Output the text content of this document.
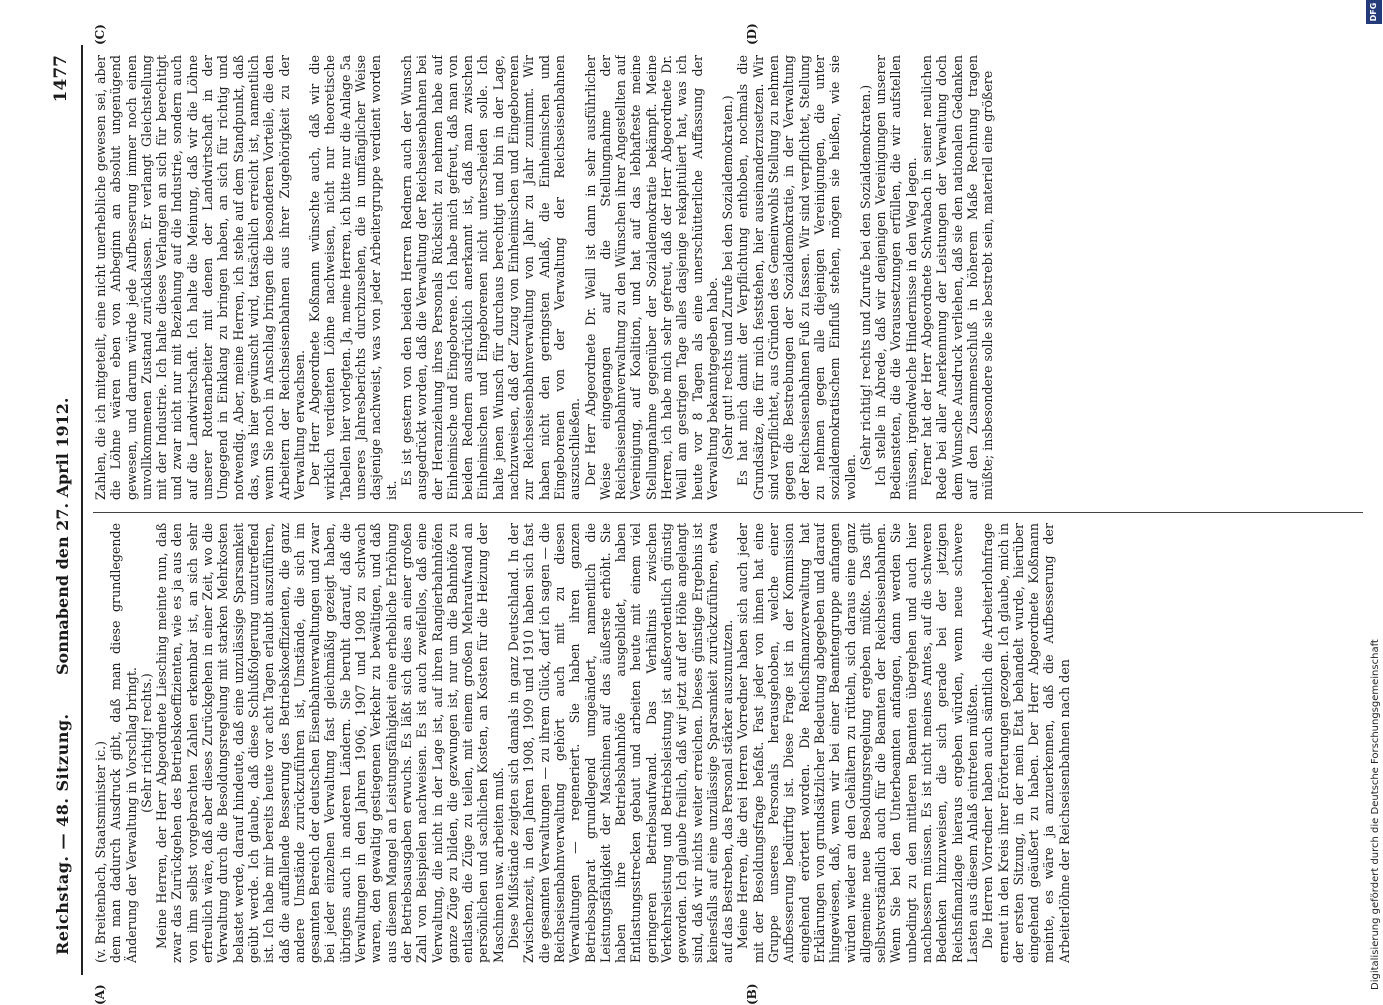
Reichstag. — 48. Sitzung.
Sonnabend den 27. April 1912.
1477

(v. Breitenbach, Staatsminister ic.) dem man dadurch Ausdruck gibt, daß man diese grundlegende Änderung der Verwaltung in Vorschlag bringt. (Sehr richtig! rechts.) Meine Herren, der Herr Abgeordnete Liesching meinte nun, daß zwar das Zurückgehen des Betriebskoeffizienten, wie es ja aus den von ihm selbst vorgebrachten Zahlen erkennbar ist, an sich sehr erfreulich wäre, daß aber dieses Zurückgehen in einer Zeit, wo die Verwaltung durch die Besoldungsregelung mit starken Mehrkosten belastet werde, darauf hindeute, daß eine unzulässige Sparsamkeit geübt werde. Ich glaube, daß diese Schlußfolgerung unzutreffend ist. Ich habe mir bereits heute vor acht Tagen erlaubt auszuführen, daß die auffallende Besserung des Betriebskoeffizienten, die ganz andere Umstände zurückzuführen ist, Umstände, die sich im gesamten Bereich der deutschen Eisenbahnverwaltungen und zwar bei jeder einzelnen Verwaltung fast gleichmäßig gezeigt haben, übrigens auch in anderen Ländern. Sie beruht darauf, daß die Verwaltungen in den Jahren 1906, 1907 und 1908 zu schwach waren, den gewaltig gestiegenen Verkehr zu bewältigen, und daß aus diesem Mangel an Leistungsfähigkeit eine erhebliche Erhöhung der Betriebsausgaben erwuchs. Es läßt sich dies an einer großen Zahl von Beispielen nachweisen. Es ist auch zweifellos, daß eine Verwaltung, die nicht in der Lage ist, auf ihren Rangierbahnhöfen ganze Züge zu bilden, die gezwungen ist, nur um die Bahnhöfe zu entlasten, die Züge zu teilen, mit einem großen Mehraufwand an persönlichen und sachlichen Kosten, an Kosten für die Heizung der Maschinen usw. arbeiten muß. Diese Mißstände zeigten sich damals in ganz Deutschland. In der Zwischenzeit, in den Jahren 1908, 1909 und 1910 haben sich fast die gesamten Verwaltungen — zu ihrem Glück, darf ich sagen — die Reichseisenbahnverwaltung gehört auch mit zu diesen Verwaltungen — regeneriert. Sie haben ihren ganzen Betriebsapparat grundlegend umgeändert, namentlich die Leistungsfähigkeit der Maschinen auf das äußerste erhöht. Sie haben ihre Betriebsbahnhöfe ausgebildet, haben Entlastungsstrecken gebaut und arbeiten heute mit einem viel geringeren Betriebsaufwand. Das Verhältnis zwischen Verkehrsleistung und Betriebsleistung ist außerordentlich günstig geworden. Ich glaube freilich, daß wir jetzt auf der Höhe angelangt sind, daß wir nichts weiter erreichen. Dieses günstige Ergebnis ist keinesfalls auf eine unzulässige Sparsamkeit zurückzuführen, etwa auf das Bestreben, das Personal stärker auszunutzen. Meine Herren, die drei Herren Vorredner haben sich auch jeder mit der Besoldungsfrage befaßt. Fast jeder von ihnen hat eine Gruppe unseres Personals herausgehoben, welche einer Aufbesserung bedürftig ist. Diese Frage ist in der Kommission eingehend erörtert worden. Die Reichsfinanzverwaltung hat Erklärungen von grundsätzlicher Bedeutung abgegeben und darauf hingewiesen, daß, wenn wir bei einer Beamtengruppe anfangen würden wieder an den Gehältern zu rütteln, sich daraus eine ganz allgemeine neue Besoldungsregelung ergeben müßte. Das gilt selbstverständlich auch für die Beamten der Reichseisenbahnen. Wenn Sie bei den Unterbeamten anfangen, dann werden Sie unbedingt zu den mittleren Beamten übergehen und auch hier nachbessern müssen. Es ist nicht meines Amtes, auf die schweren Bedenken hinzuweisen, die sich gerade bei der jetzigen Reichsfinanzlage hieraus ergeben würden, wenn neue schwere Lasten aus diesem Anlaß eintreten müßten. Die Herren Vorredner haben auch sämtlich die Arbeiterlohnfrage erneut in den Kreis ihrer Erörterungen gezogen. Ich glaube, mich in der ersten Sitzung, in der mein Etat behandelt wurde, hierüber eingehend geäußert zu haben. Der Herr Abgeordnete Koßmann meinte, es wäre ja anzuerkennen, daß die Aufbesserung der Arbeiterlöhne der Reichseisenbahnen nach den

Zahlen, die ich mitgeteilt, eine nicht unerhebliche gewesen sei, aber die Löhne wären eben von Anbeginn an absolut ungenügend gewesen, und darum würde jede Aufbesserung immer noch einen unvollkommenen Zustand zurücklassen. Er verlangt Gleichstellung mit der Industrie. Ich halte dieses Verlangen an sich für berechtigt und zwar nicht nur mit Beziehung auf die Industrie, sondern auch auf die Landwirtschaft. Ich halte die Meinung, daß wir die Löhne unserer Rottenarbeiter mit denen der Landwirtschaft in der Umgegend in Einklang zu bringen haben, an sich für richtig und notwendig. Aber, meine Herren, ich stehe auf dem Standpunkt, daß das, was hier gewünscht wird, tatsächlich erreicht ist, namentlich wenn Sie noch in Anschlag bringen die besonderen Vorteile, die den Arbeitern der Reichseisenbahnen aus ihrer Zugehörigkeit zu der Verwaltung erwachsen. Der Herr Abgeordnete Koßmann wünschte auch, daß wir die wirklich verdienten Löhne nachweisen, nicht nur theoretische Tabellen hier vorlegten. Ja, meine Herren, ich bitte nur die Anlage 5a unseres Jahresberichts durchzusehen, die in umfänglicher Weise dasjenige nachweist, was von jeder Arbeitergruppe verdient worden ist.

Es ist gestern von den beiden Herren Rednern auch der Wunsch ausgedrückt worden, daß die Verwaltung der Reichseisenbahnen bei der Heranziehung ihres Personals Rücksicht zu nehmen habe auf Einheimische und Eingeborene. Ich habe mich gefreut, daß man von beiden Rednern ausdrücklich anerkannt ist, daß man zwischen Einheimischen und Eingeborenen nicht unterscheiden solle. Ich halte jenen Wunsch für durchaus berechtigt und bin in der Lage, nachzuweisen, daß der Zuzug von Einheimischen und Eingeborenen zur Reichseisenbahnverwaltung von Jahr zu Jahr zunimmt. Wir haben nicht den geringsten Anlaß, die Einheimischen und Eingeborenen von der Verwaltung der Reichseisenbahnen auszuschließen. Der Herr Abgeordnete Dr. Weill ist dann in sehr ausführlicher Weise eingegangen auf die Stellungnahme der Reichseisenbahnverwaltung zu den Wünschen ihrer Angestellten auf Vereinigung, auf Koalition, und hat auf das lebhafteste meine Stellungnahme gegenüber der Sozialdemokratie bekämpft. Meine Herren, ich habe mich sehr gefreut, daß der Herr Abgeordnete Dr. Weill am gestrigen Tage alles dasjenige rekapituliert hat, was ich heute vor 8 Tagen als eine unerschütterliche Auffassung der Verwaltung bekanntgegeben habe. (Sehr gut! rechts und Zurufe bei den Sozialdemokraten.) Es hat mich damit der Verpflichtung enthoben, nochmals die Grundsätze, die für mich feststehen, hier auseinanderzusetzen. Wir sind verpflichtet, aus Gründen des Gemeinwohls Stellung zu nehmen gegen die Bestrebungen der Sozialdemokratie, in der Verwaltung der Reichseisenbahnen Fuß zu fassen. Wir sind verpflichtet, Stellung zu nehmen gegen alle diejenigen Vereinigungen, die unter sozialdemokratischem Einfluß stehen, mögen sie heißen, wie sie wollen.

(Sehr richtig! rechts und Zurufe bei den Sozialdemokraten.) Ich stelle in Abrede, daß wir denjenigen Vereinigungen unserer Bediensteten, die die Voraussetzungen erfüllen, die wir aufstellen müssen, irgendwelche Hindernisse in den Weg legen. Ferner hat der Herr Abgeordnete Schwabach in seiner neulichen Rede bei aller Anerkennung der Leistungen der Verwaltung doch dem Wunsche Ausdruck verliehen, daß sie den nationalen Gedanken auf den Zusammenschluß in höherem Maße Rechnung tragen müßte; insbesondere solle sie bestrebt sein, materiell eine größere

(A)	(B)
(C)	(D)
Digitalisierung gefördert durch die Deutsche Forschungsgemeinschaft
DFG
